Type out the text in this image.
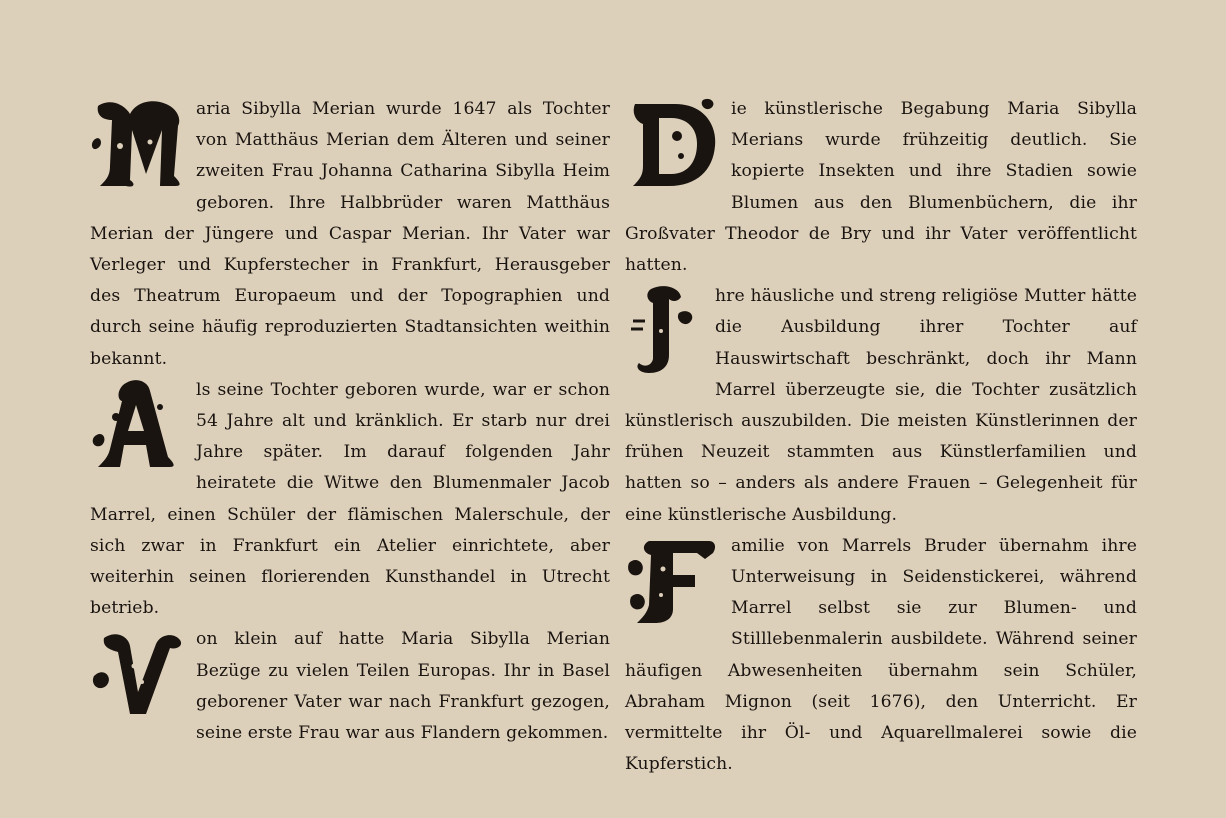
aria Sibylla Merian wurde 1647 als Tochter von Matthäus Merian dem Älteren und seiner zweiten Frau Johanna Catharina Sibylla Heim geboren. Ihre Halbbrüder waren Matthäus Merian der Jüngere und Caspar Merian. Ihr Vater war Verleger und Kupferstecher in Frankfurt, Herausgeber des Theatrum Europaeum und der Topographien und durch seine häufig reproduzierten Stadtansichten weithin bekannt.

ls seine Tochter geboren wurde, war er schon 54 Jahre alt und kränklich. Er starb nur drei Jahre später. Im darauf folgenden Jahr heiratete die Witwe den Blumenmaler Jacob Marrel, einen Schüler der flämischen Malerschule, der sich zwar in Frankfurt ein Atelier einrichtete, aber weiterhin seinen florierenden Kunsthandel in Utrecht betrieb.

on klein auf hatte Maria Sibylla Merian Bezüge zu vielen Teilen Europas. Ihr in Basel geborener Vater war nach Frankfurt gezogen, seine erste Frau war aus Flandern gekommen.

ie künstlerische Begabung Maria Sibylla Merians wurde frühzeitig deutlich. Sie kopierte Insekten und ihre Stadien sowie Blumen aus den Blumenbüchern, die ihr Großvater Theodor de Bry und ihr Vater veröffentlicht hatten.

hre häusliche und streng religiöse Mutter hätte die Ausbildung ihrer Tochter auf Hauswirtschaft beschränkt, doch ihr Mann Marrel überzeugte sie, die Tochter zusätzlich künstlerisch auszubilden. Die meisten Künstlerinnen der frühen Neuzeit stammten aus Künstlerfamilien und hatten so – anders als andere Frauen – Gelegenheit für eine künstlerische Ausbildung.

amilie von Marrels Bruder übernahm ihre Unterweisung in Seidenstickerei, während Marrel selbst sie zur Blumen- und Stilllebenmalerin ausbildete. Während seiner häufigen Abwesenheiten übernahm sein Schüler, Abraham Mignon (seit 1676), den Unterricht. Er vermittelte ihr Öl- und Aquarellmalerei sowie die Kupferstich.
